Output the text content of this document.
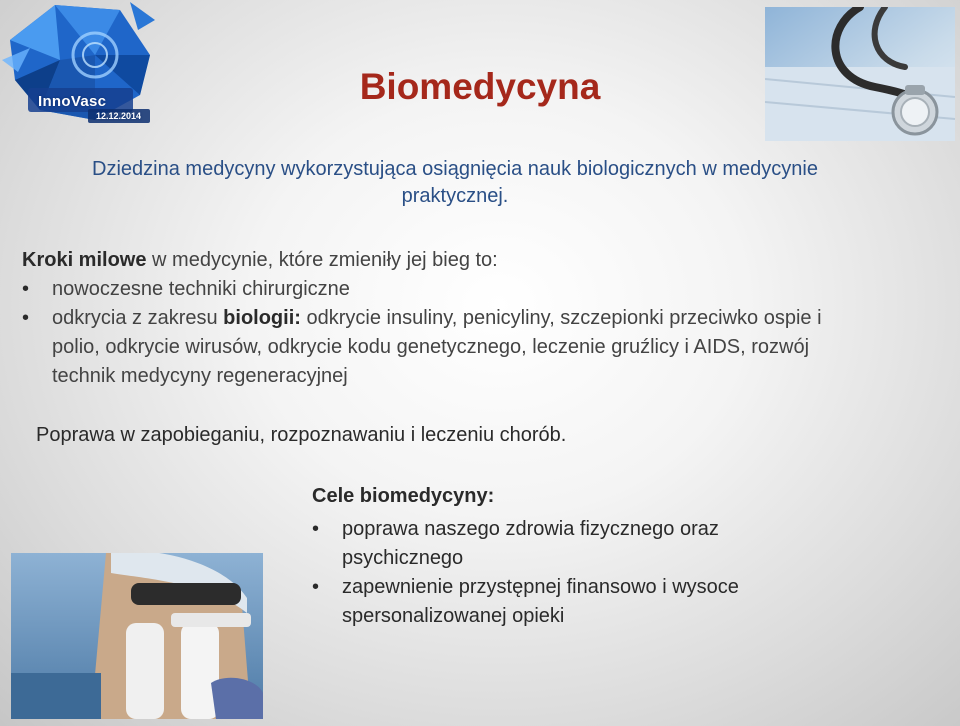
InnoVasc
12.12.2014
Biomedycyna

Dziedzina medycyny wykorzystująca osiągnięcia nauk biologicznych w medycynie praktycznej.

Kroki milowe w medycynie, które zmieniły jej bieg to:
• nowoczesne techniki chirurgiczne
• odkrycia z zakresu biologii: odkrycie insuliny, penicyliny, szczepionki przeciwko ospie i polio, odkrycie wirusów, odkrycie kodu genetycznego, leczenie gruźlicy i AIDS, rozwój technik medycyny regeneracyjnej

Poprawa w zapobieganiu, rozpoznawaniu i leczeniu chorób.

Cele biomedycyny:

• poprawa naszego zdrowia fizycznego oraz psychicznego
• zapewnienie przystępnej finansowo i wysoce spersonalizowanej opieki
